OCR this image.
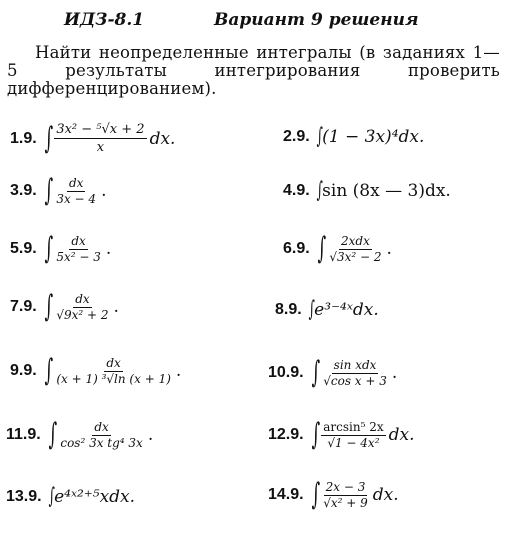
ИДЗ-8.1	Вариант 9 решения
Найти неопределенные интегралы (в заданиях 1—5 результаты интегрирования проверить дифференцированием).
1.9. ∫ $\frac{\text{3x² − ⁵√x + 2}}{x}$ dx.	2.9. ∫ (1 − 3x)⁴dx.
3.9. ∫ $\frac{dx}{3x - 4}$ .	4.9. ∫ sin (8x — 3)dx.
5.9. ∫ $\frac{dx}{\text{5x² − 3}}$ .	6.9. ∫ $\frac{\text{2xdx}}{\text{√3x² − 2}}$ .
7.9. ∫ $\frac{dx}{\text{√9x² + 2}}$ .	8.9. ∫ e³⁻⁴ˣdx.
9.9. ∫ $\frac{dx}{\text{(x + 1) ³√ln (x + 1)}}$ .	10.9. ∫ $\frac{\text{sin xdx}}{\text{√cos x + 3}}$ .
11.9. ∫ $\frac{dx}{\text{cos² 3x tg⁴ 3x}}$ .	12.9. ∫ $\frac{\text{arcsin⁵ 2x}}{\text{√1 − 4x²}}$ dx.
13.9. ∫ e⁴ˣ²⁺⁵xdx.	14.9. ∫ $\frac{2x - 3}{\text{√x² + 9}}$ dx.
